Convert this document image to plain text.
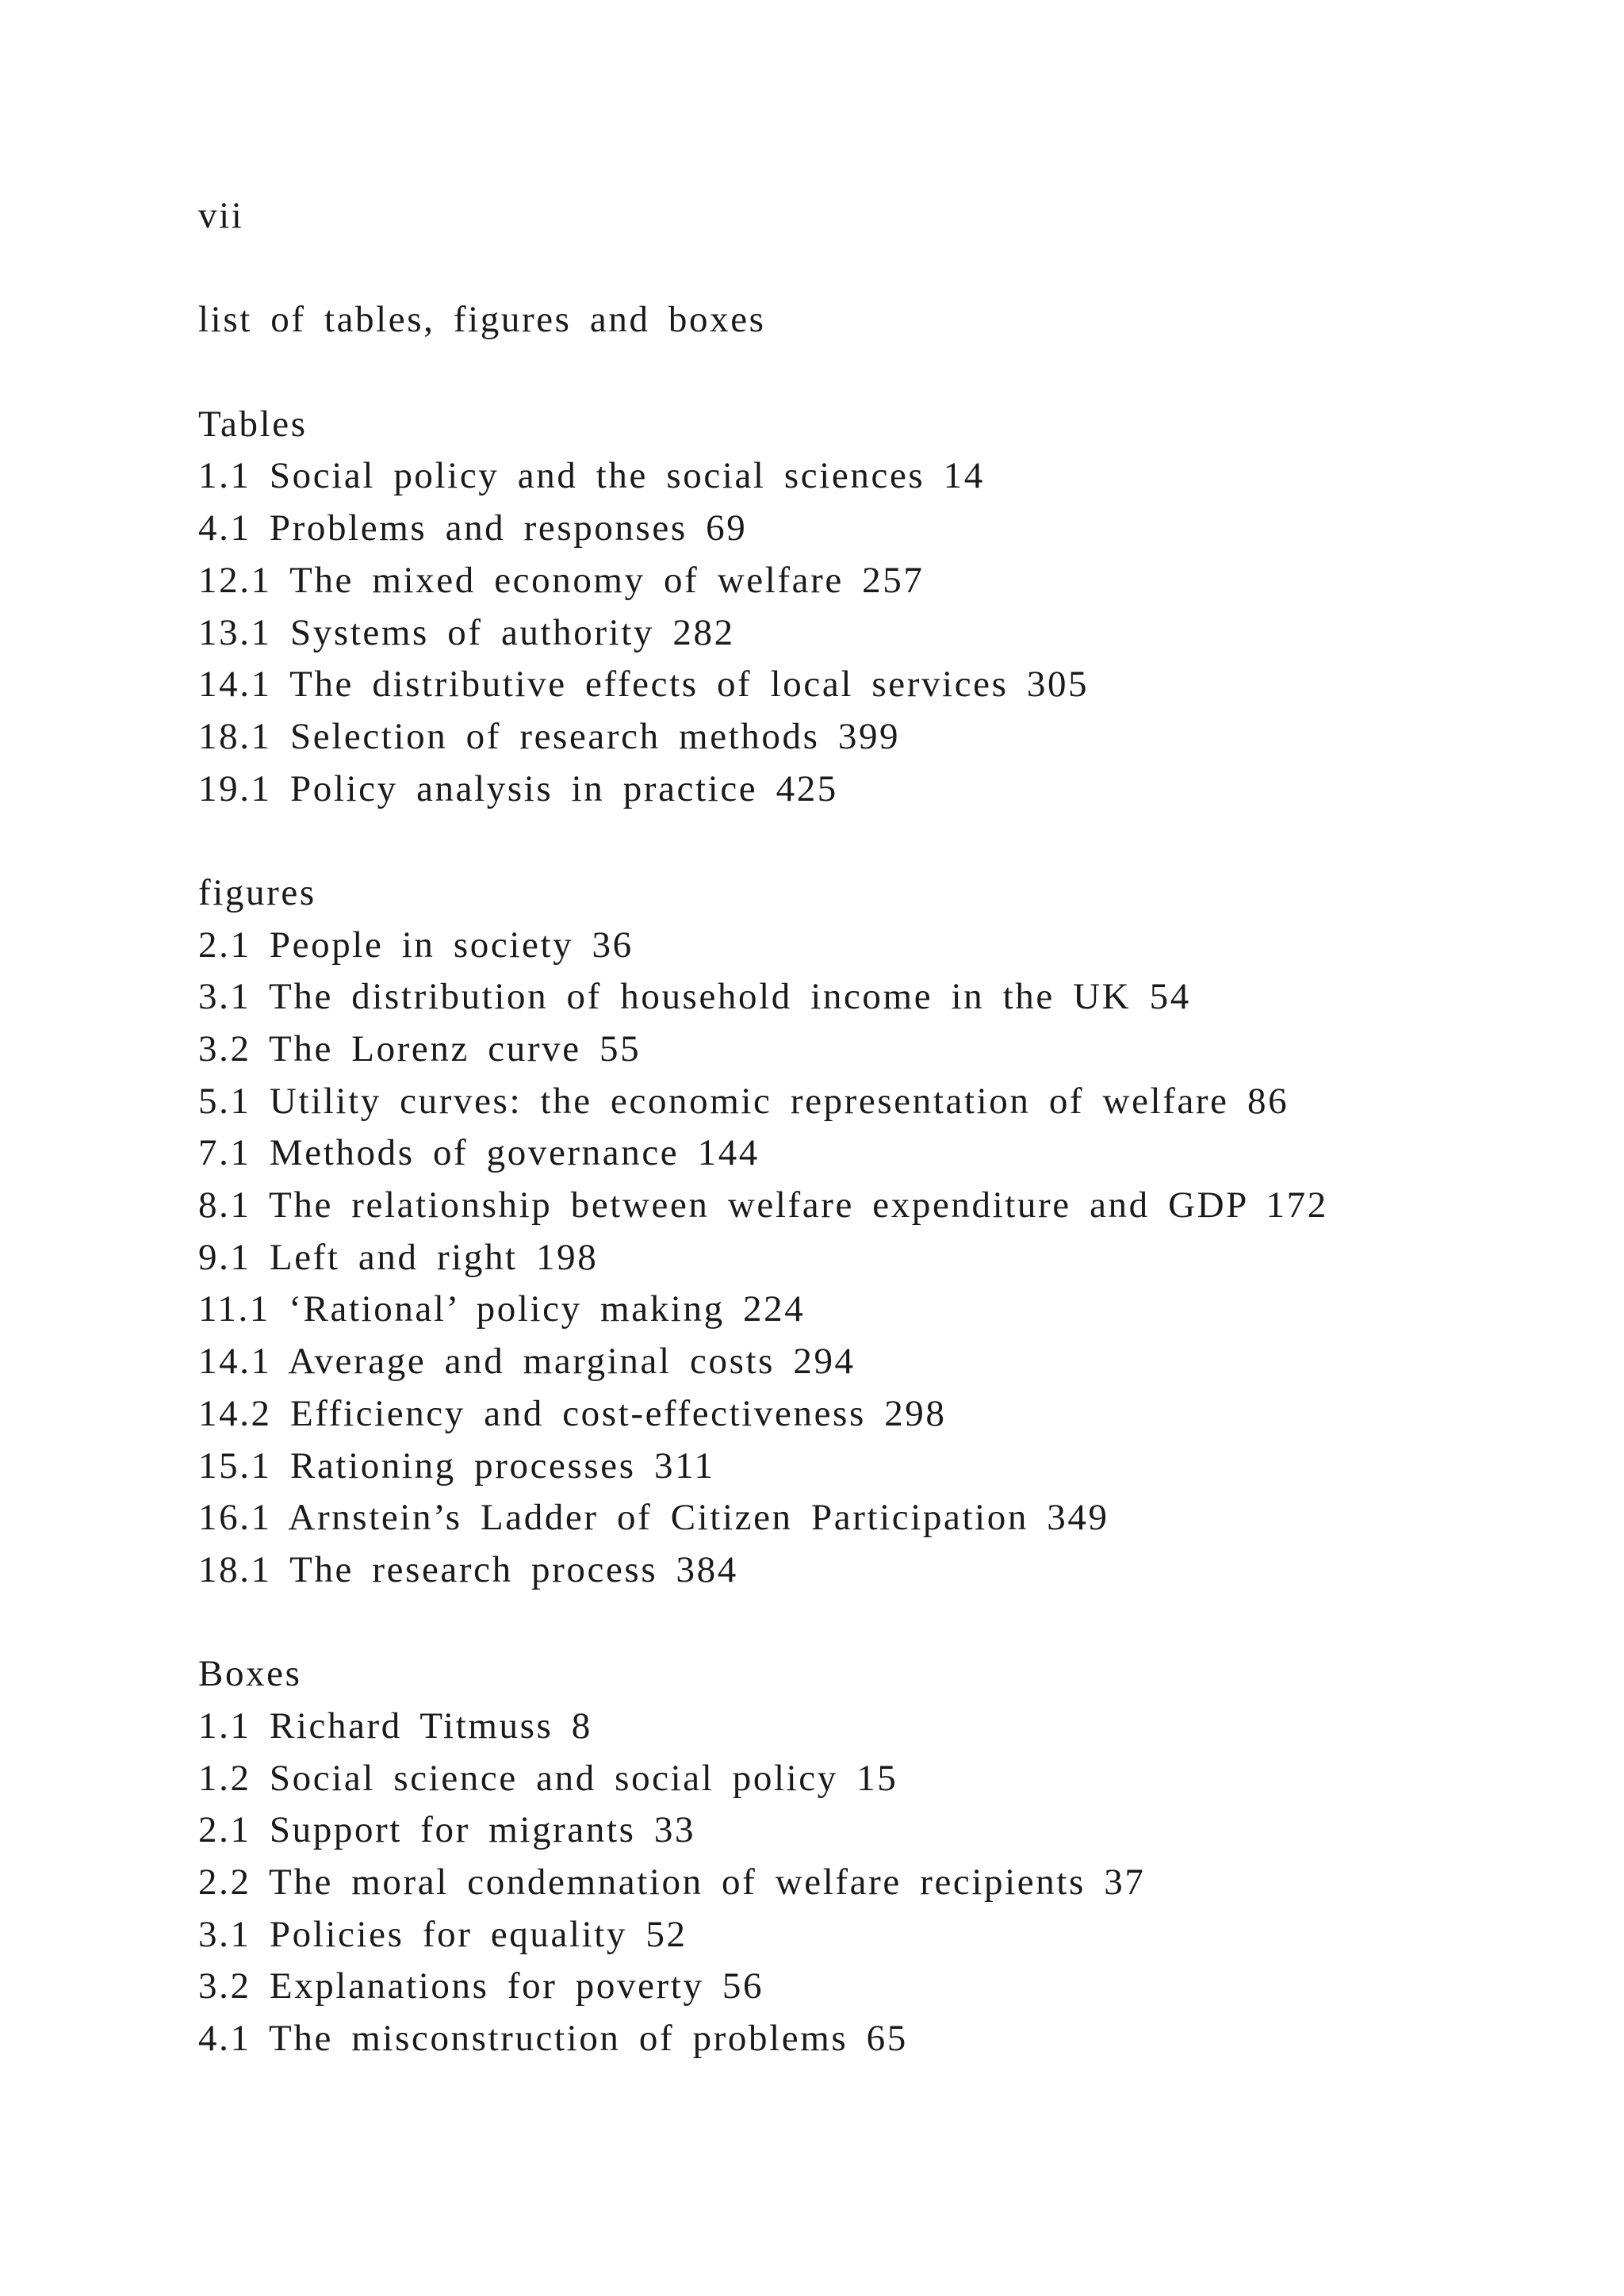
vii
list of tables, figures and boxes
Tables
1.1 Social policy and the social sciences 14
4.1 Problems and responses 69
12.1 The mixed economy of welfare 257
13.1 Systems of authority 282
14.1 The distributive effects of local services 305
18.1 Selection of research methods 399
19.1 Policy analysis in practice 425
figures
2.1 People in society 36
3.1 The distribution of household income in the UK 54
3.2 The Lorenz curve 55
5.1 Utility curves: the economic representation of welfare 86
7.1 Methods of governance 144
8.1 The relationship between welfare expenditure and GDP 172
9.1 Left and right 198
11.1 ‘Rational’ policy making 224
14.1 Average and marginal costs 294
14.2 Efficiency and cost-effectiveness 298
15.1 Rationing processes 311
16.1 Arnstein’s Ladder of Citizen Participation 349
18.1 The research process 384
Boxes
1.1 Richard Titmuss 8
1.2 Social science and social policy 15
2.1 Support for migrants 33
2.2 The moral condemnation of welfare recipients 37
3.1 Policies for equality 52
3.2 Explanations for poverty 56
4.1 The misconstruction of problems 65
